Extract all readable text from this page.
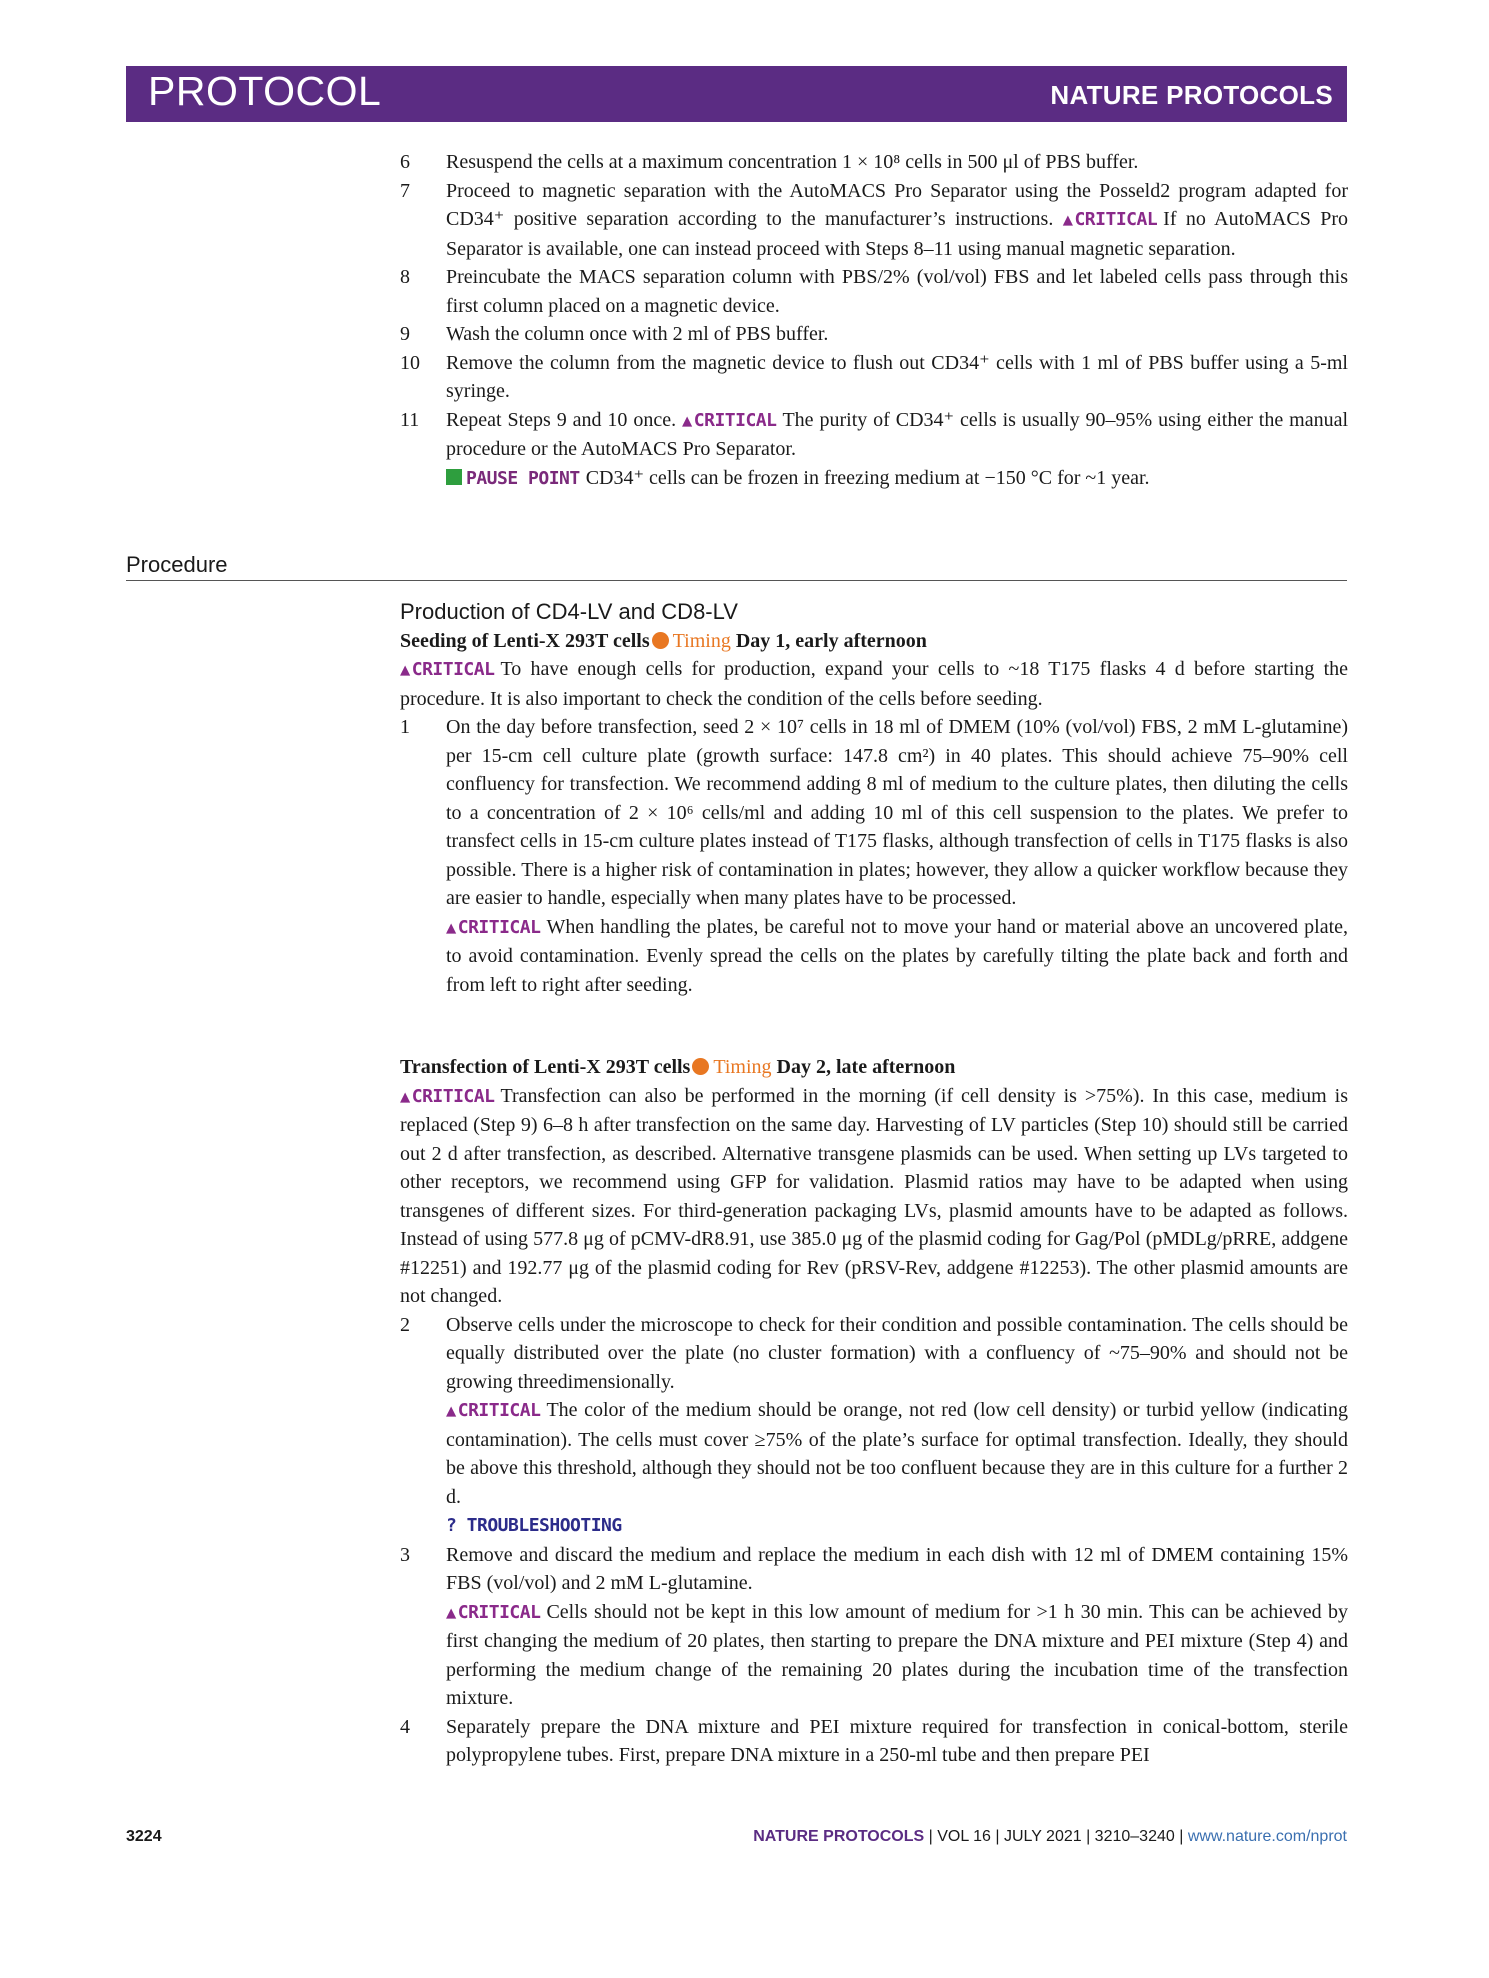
PROTOCOL	NATURE PROTOCOLS
6 Resuspend the cells at a maximum concentration 1 × 10⁸ cells in 500 μl of PBS buffer.
7 Proceed to magnetic separation with the AutoMACS Pro Separator using the Posseld2 program adapted for CD34⁺ positive separation according to the manufacturer’s instructions. ▲ CRITICAL If no AutoMACS Pro Separator is available, one can instead proceed with Steps 8–11 using manual magnetic separation.
8 Preincubate the MACS separation column with PBS/2% (vol/vol) FBS and let labeled cells pass through this first column placed on a magnetic device.
9 Wash the column once with 2 ml of PBS buffer.
10 Remove the column from the magnetic device to flush out CD34⁺ cells with 1 ml of PBS buffer using a 5-ml syringe.
11 Repeat Steps 9 and 10 once. ▲ CRITICAL The purity of CD34⁺ cells is usually 90–95% using either the manual procedure or the AutoMACS Pro Separator.
PAUSE POINT CD34⁺ cells can be frozen in freezing medium at −150 °C for ~1 year.
Procedure
Production of CD4-LV and CD8-LV
Seeding of Lenti-X 293T cells Timing Day 1, early afternoon
▲ CRITICAL To have enough cells for production, expand your cells to ~18 T175 flasks 4 d before starting the procedure. It is also important to check the condition of the cells before seeding.
1 On the day before transfection, seed 2 × 10⁷ cells in 18 ml of DMEM (10% (vol/vol) FBS, 2 mM L-glutamine) per 15-cm cell culture plate (growth surface: 147.8 cm²) in 40 plates. This should achieve 75–90% cell confluency for transfection. We recommend adding 8 ml of medium to the culture plates, then diluting the cells to a concentration of 2 × 10⁶ cells/ml and adding 10 ml of this cell suspension to the plates. We prefer to transfect cells in 15-cm culture plates instead of T175 flasks, although transfection of cells in T175 flasks is also possible. There is a higher risk of contamination in plates; however, they allow a quicker workflow because they are easier to handle, especially when many plates have to be processed.
▲ CRITICAL When handling the plates, be careful not to move your hand or material above an uncovered plate, to avoid contamination. Evenly spread the cells on the plates by carefully tilting the plate back and forth and from left to right after seeding.
Transfection of Lenti-X 293T cells Timing Day 2, late afternoon
▲ CRITICAL Transfection can also be performed in the morning (if cell density is >75%). In this case, medium is replaced (Step 9) 6–8 h after transfection on the same day. Harvesting of LV particles (Step 10) should still be carried out 2 d after transfection, as described. Alternative transgene plasmids can be used. When setting up LVs targeted to other receptors, we recommend using GFP for validation. Plasmid ratios may have to be adapted when using transgenes of different sizes. For third-generation packaging LVs, plasmid amounts have to be adapted as follows. Instead of using 577.8 μg of pCMV-dR8.91, use 385.0 μg of the plasmid coding for Gag/Pol (pMDLg/pRRE, addgene #12251) and 192.77 μg of the plasmid coding for Rev (pRSV-Rev, addgene #12253). The other plasmid amounts are not changed.
2 Observe cells under the microscope to check for their condition and possible contamination. The cells should be equally distributed over the plate (no cluster formation) with a confluency of ~75–90% and should not be growing threedimensionally.
▲ CRITICAL The color of the medium should be orange, not red (low cell density) or turbid yellow (indicating contamination). The cells must cover ≥75% of the plate’s surface for optimal transfection. Ideally, they should be above this threshold, although they should not be too confluent because they are in this culture for a further 2 d.
? TROUBLESHOOTING
3 Remove and discard the medium and replace the medium in each dish with 12 ml of DMEM containing 15% FBS (vol/vol) and 2 mM L-glutamine.
▲ CRITICAL Cells should not be kept in this low amount of medium for >1 h 30 min. This can be achieved by first changing the medium of 20 plates, then starting to prepare the DNA mixture and PEI mixture (Step 4) and performing the medium change of the remaining 20 plates during the incubation time of the transfection mixture.
4 Separately prepare the DNA mixture and PEI mixture required for transfection in conical-bottom, sterile polypropylene tubes. First, prepare DNA mixture in a 250-ml tube and then prepare PEI
3224	NATURE PROTOCOLS | VOL 16 | JULY 2021 | 3210–3240 | www.nature.com/nprot
